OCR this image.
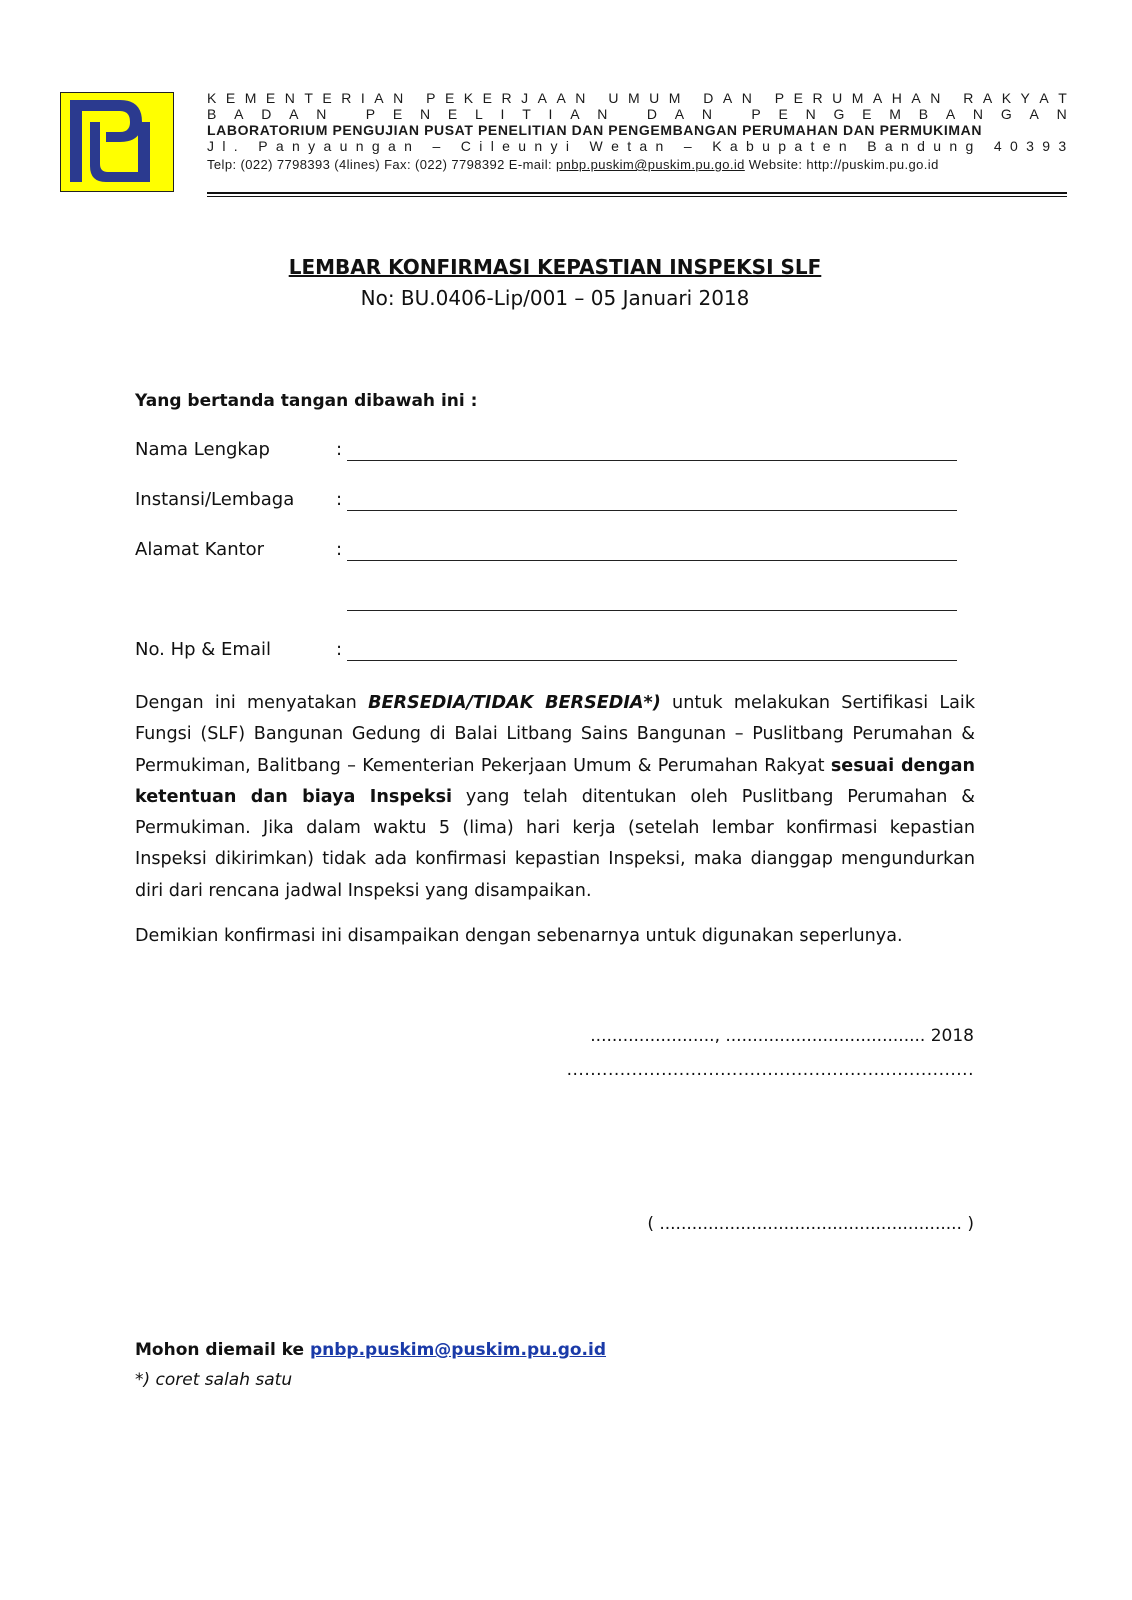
K E M E N T E R I A N
P E K E R J A A N
U M U M
D A N
P E R U M A H A N
R A K Y A T
B A D A N
	P E N E L I T I A N
	D A N
	P E N G E M B A N G A N
LABORATORIUM PENGUJIAN PUSAT PENELITIAN DAN PENGEMBANGAN PERUMAHAN DAN PERMUKIMAN
J l .
P a n y a u n g a n
–
C i l e u n y i
W e t a n
–
K a b u p a t e n
B a n d u n g
4 0 3 9 3
Telp: (022) 7798393 (4lines) Fax: (022) 7798392 E-mail: pnbp.puskim@puskim.pu.go.id Website: http://puskim.pu.go.id
LEMBAR KONFIRMASI KEPASTIAN INSPEKSI SLF
No: BU.0406-Lip/001 – 05 Januari 2018
Yang bertanda tangan dibawah ini :
Nama Lengkap	:
Instansi/Lembaga :
Alamat Kantor	:
No. Hp & Email	:
Dengan ini menyatakan BERSEDIA/TIDAK BERSEDIA*) untuk melakukan Sertifikasi Laik Fungsi (SLF) Bangunan Gedung di Balai Litbang Sains Bangunan – Puslitbang Perumahan & Permukiman, Balitbang – Kementerian Pekerjaan Umum & Perumahan Rakyat sesuai dengan ketentuan dan biaya Inspeksi yang telah ditentukan oleh Puslitbang Perumahan & Permukiman. Jika dalam waktu 5 (lima) hari kerja (setelah lembar konfirmasi kepastian Inspeksi dikirimkan) tidak ada konfirmasi kepastian Inspeksi, maka dianggap mengundurkan diri dari rencana jadwal Inspeksi yang disampaikan.
Demikian konfirmasi ini disampaikan dengan sebenarnya untuk digunakan seperlunya.
......................., ..................................... 2018
.....................................................................
( ........................................................ )
Mohon diemail ke pnbp.puskim@puskim.pu.go.id
*) coret salah satu
